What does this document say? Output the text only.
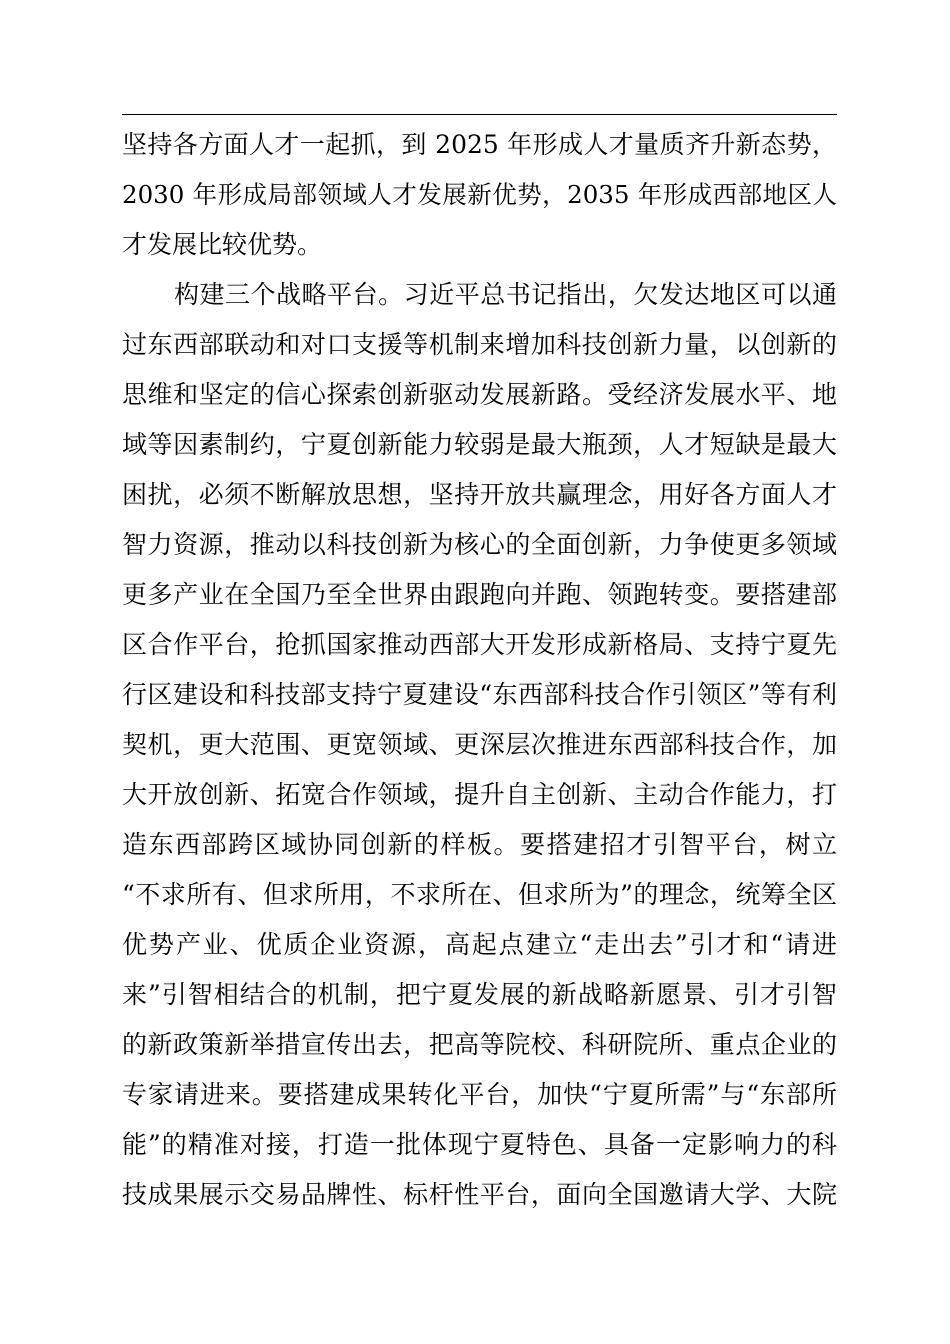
坚持各方面人才一起抓，到 2025 年形成人才量质齐升新态势，
2030 年形成局部领域人才发展新优势，2035 年形成西部地区人
才发展比较优势。
构建三个战略平台。习近平总书记指出，欠发达地区可以通
过东西部联动和对口支援等机制来增加科技创新力量，以创新的
思维和坚定的信心探索创新驱动发展新路。受经济发展水平、地
域等因素制约，宁夏创新能力较弱是最大瓶颈，人才短缺是最大
困扰，必须不断解放思想，坚持开放共赢理念，用好各方面人才
智力资源，推动以科技创新为核心的全面创新，力争使更多领域
更多产业在全国乃至全世界由跟跑向并跑、领跑转变。要搭建部
区合作平台，抢抓国家推动西部大开发形成新格局、支持宁夏先
行区建设和科技部支持宁夏建设“东西部科技合作引领区”等有利
契机，更大范围、更宽领域、更深层次推进东西部科技合作，加
大开放创新、拓宽合作领域，提升自主创新、主动合作能力，打
造东西部跨区域协同创新的样板。要搭建招才引智平台，树立
“不求所有、但求所用，不求所在、但求所为”的理念，统筹全区
优势产业、优质企业资源，高起点建立“走出去”引才和“请进
来”引智相结合的机制，把宁夏发展的新战略新愿景、引才引智
的新政策新举措宣传出去，把高等院校、科研院所、重点企业的
专家请进来。要搭建成果转化平台，加快“宁夏所需”与“东部所
能”的精准对接，打造一批体现宁夏特色、具备一定影响力的科
技成果展示交易品牌性、标杆性平台，面向全国邀请大学、大院
